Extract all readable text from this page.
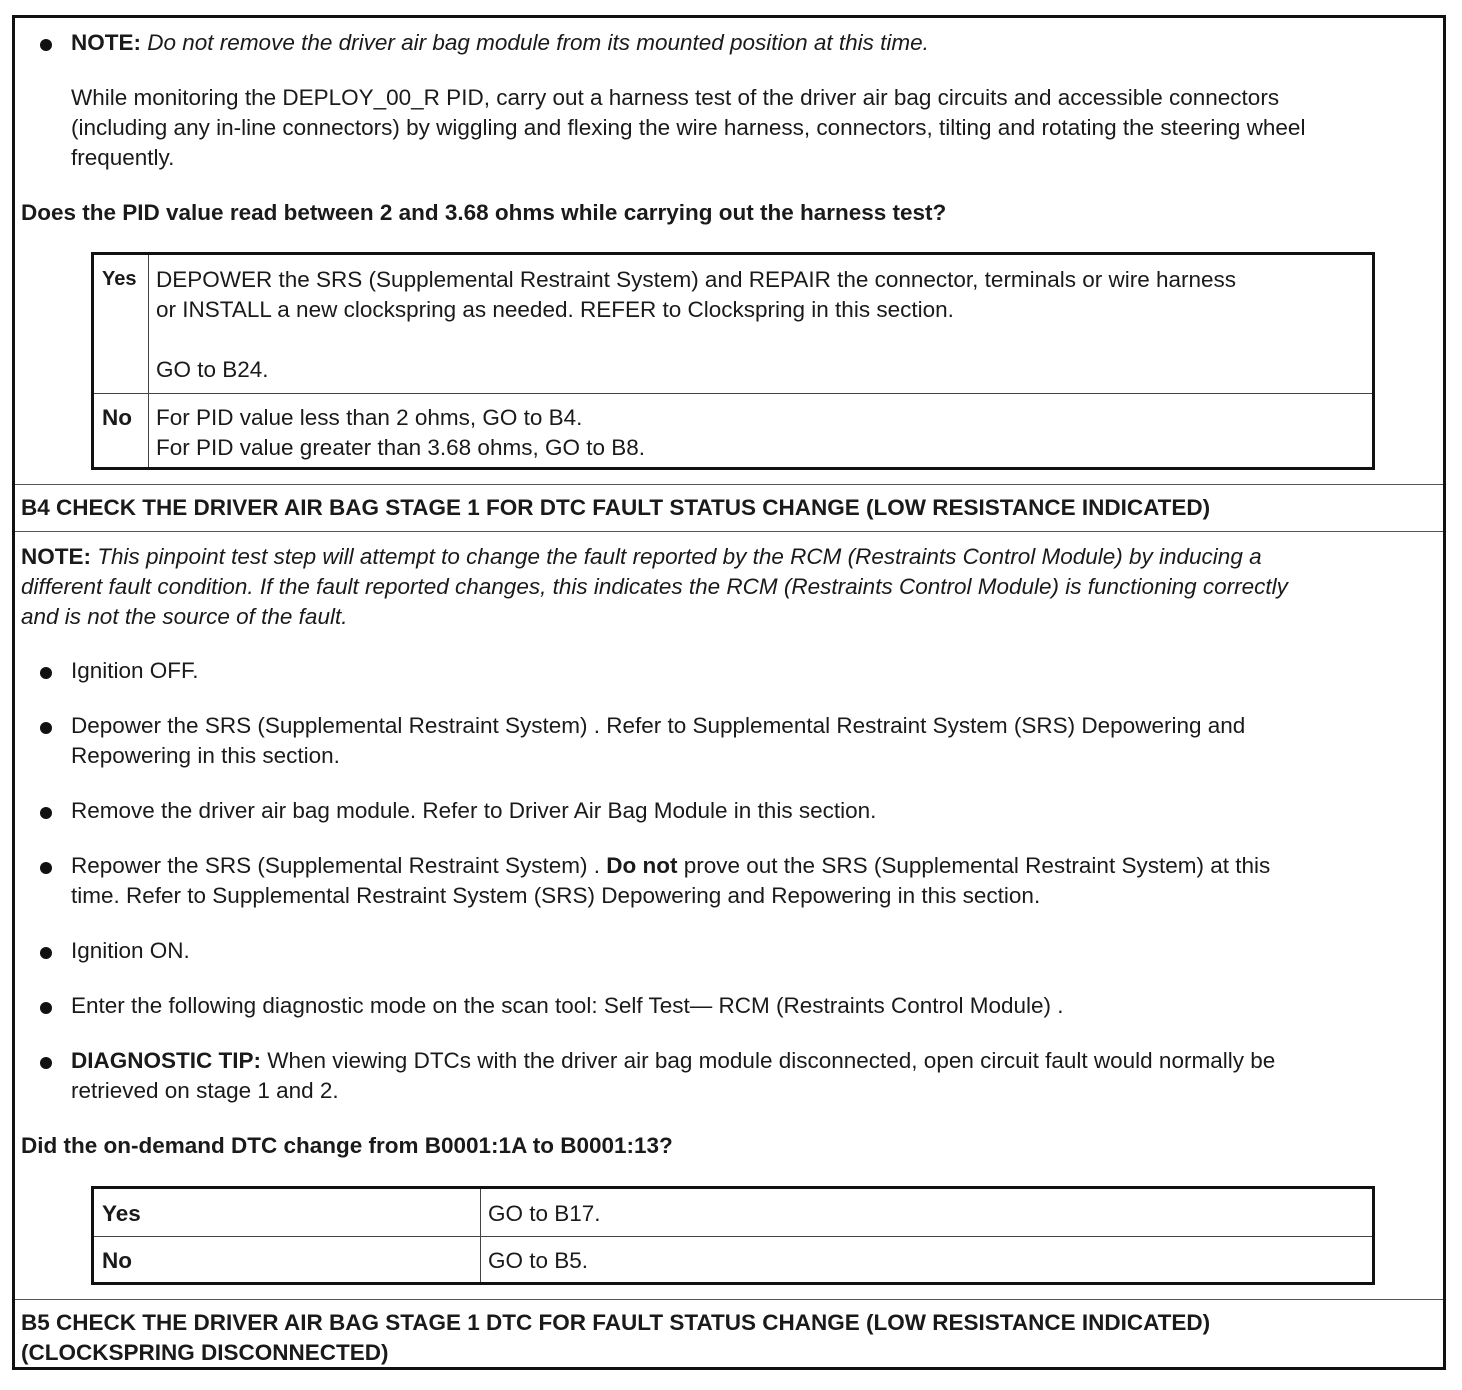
NOTE: Do not remove the driver air bag module from its mounted position at this time.
While monitoring the DEPLOY_00_R PID, carry out a harness test of the driver air bag circuits and accessible connectors
(including any in-line connectors) by wiggling and flexing the wire harness, connectors, tilting and rotating the steering wheel
frequently.
Does the PID value read between 2 and 3.68 ohms while carrying out the harness test?
Yes DEPOWER the SRS (Supplemental Restraint System) and REPAIR the connector, terminals or wire harness
or INSTALL a new clockspring as needed. REFER to Clockspring in this section.
GO to B24.
No For PID value less than 2 ohms, GO to B4.
For PID value greater than 3.68 ohms, GO to B8.
B4 CHECK THE DRIVER AIR BAG STAGE 1 FOR DTC FAULT STATUS CHANGE (LOW RESISTANCE INDICATED)
NOTE: This pinpoint test step will attempt to change the fault reported by the RCM (Restraints Control Module) by inducing a
different fault condition. If the fault reported changes, this indicates the RCM (Restraints Control Module) is functioning correctly
and is not the source of the fault.
Ignition OFF.
Depower the SRS (Supplemental Restraint System) . Refer to Supplemental Restraint System (SRS) Depowering and
Repowering in this section.
Remove the driver air bag module. Refer to Driver Air Bag Module in this section.
Repower the SRS (Supplemental Restraint System) . Do not prove out the SRS (Supplemental Restraint System) at this
time. Refer to Supplemental Restraint System (SRS) Depowering and Repowering in this section.
Ignition ON.
Enter the following diagnostic mode on the scan tool: Self Test— RCM (Restraints Control Module) .
DIAGNOSTIC TIP: When viewing DTCs with the driver air bag module disconnected, open circuit fault would normally be
retrieved on stage 1 and 2.
Did the on-demand DTC change from B0001:1A to B0001:13?
Yes	GO to B17.
No	GO to B5.
B5 CHECK THE DRIVER AIR BAG STAGE 1 DTC FOR FAULT STATUS CHANGE (LOW RESISTANCE INDICATED)
(CLOCKSPRING DISCONNECTED)
